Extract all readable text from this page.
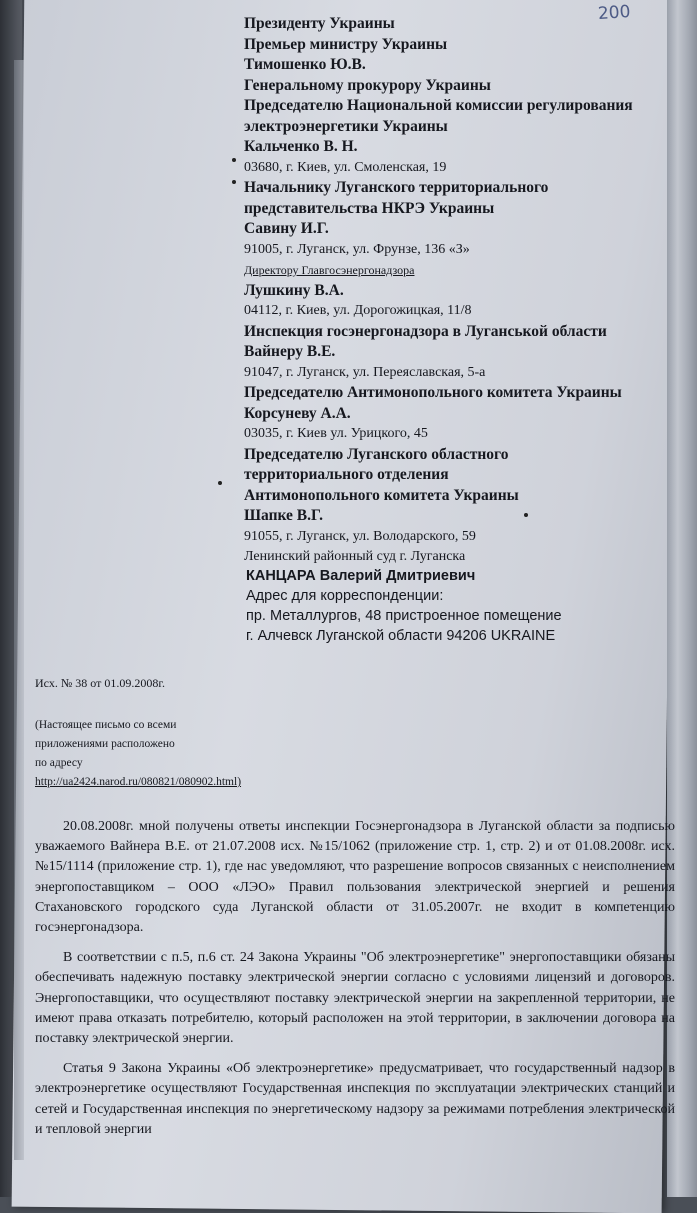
200
Президенту Украины
Премьер министру Украины
Тимошенко Ю.В.
Генеральному прокурору Украины
Председателю Национальной комиссии регулирования
электроэнергетики Украины
Кальченко В. Н.
03680, г. Киев, ул. Смоленская, 19
Начальнику Луганского территориального
представительства НКРЭ Украины
Савину И.Г.
91005, г. Луганск, ул. Фрунзе, 136 «З»
Директору Главгосэнергонадзора
Лушкину В.А.
04112, г. Киев, ул. Дорогожицкая, 11/8
Инспекция госэнергонадзора в Луганськой области
Вайнеру В.Е.
91047, г. Луганск, ул. Переяславская, 5-а
Председателю Антимонопольного комитета Украины
Корсуневу А.А.
03035, г. Киев ул. Урицкого, 45
Председателю Луганского областного
территориального отделения
Антимонопольного комитета Украины
Шапке В.Г.
91055, г. Луганск, ул. Володарского, 59
Ленинский районный суд г. Луганска
КАНЦАРА Валерий Дмитриевич
Адрес для корреспонденции:
пр. Металлургов, 48 пристроенное помещение
г. Алчевск Луганской области 94206 UKRAINE
Исх. № 38 от 01.09.2008г.
(Настоящее письмо со всеми
приложениями расположено
по адресу
http://ua2424.narod.ru/080821/080902.html)

20.08.2008г. мной получены ответы инспекции Госэнергонадзора в Луганской области за подписью уважаемого Вайнера В.Е. от 21.07.2008 исх. №15/1062 (приложение стр. 1, стр. 2) и от 01.08.2008г. исх. №15/1114 (приложение стр. 1), где нас уведомляют, что разрешение вопросов связанных с неисполнением энергопоставщиком – ООО «ЛЭО» Правил пользования электрической энергией и решения Стахановского городского суда Луганской области от 31.05.2007г. не входит в компетенцию госэнергонадзора.

В соответствии с п.5, п.6 ст. 24 Закона Украины "Об электроэнергетике" энергопоставщики обязаны обеспечивать надежную поставку электрической энергии согласно с условиями лицензий и договоров. Энергопоставщики, что осуществляют поставку электрической энергии на закрепленной территории, не имеют права отказать потребителю, который расположен на этой территории, в заключении договора на поставку электрической энергии.

Статья 9 Закона Украины «Об электроэнергетике» предусматривает, что государственный надзор в электроэнергетике осуществляют Государственная инспекция по эксплуатации электрических станций и сетей и Государственная инспекция по энергетическому надзору за режимами потребления электрической и тепловой энергии
